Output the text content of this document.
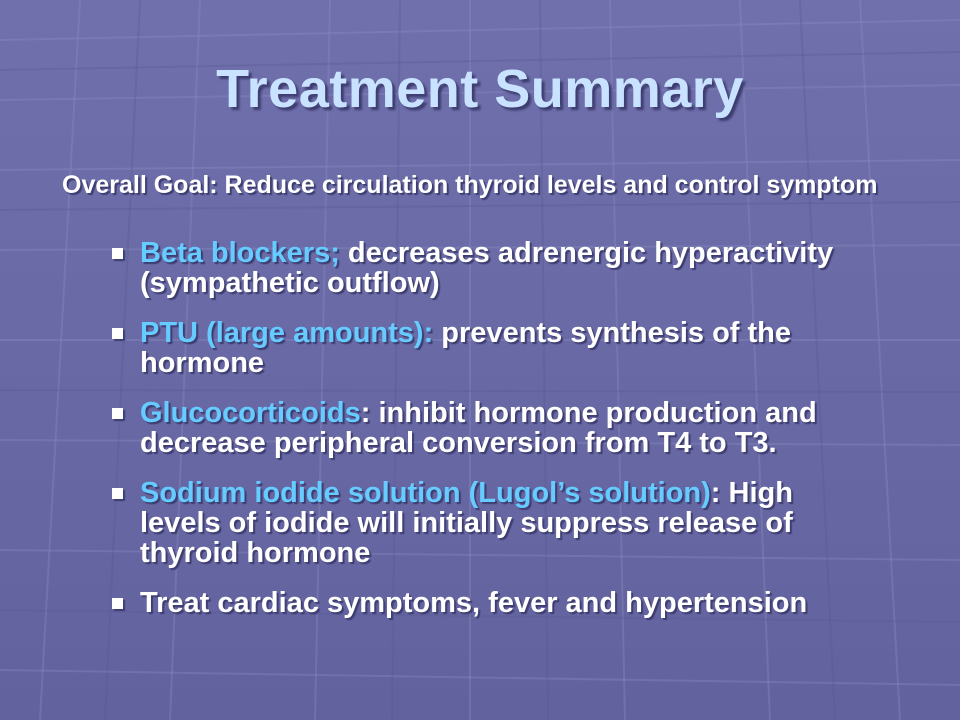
Treatment Summary
Overall Goal: Reduce circulation thyroid levels and control symptom
Beta blockers; decreases adrenergic hyperactivity (sympathetic outflow)
PTU (large amounts): prevents synthesis of the hormone
Glucocorticoids: inhibit hormone production and decrease peripheral conversion from T4 to T3.
Sodium iodide solution (Lugol’s solution): High levels of iodide will initially suppress release of thyroid hormone
Treat cardiac symptoms, fever and hypertension
